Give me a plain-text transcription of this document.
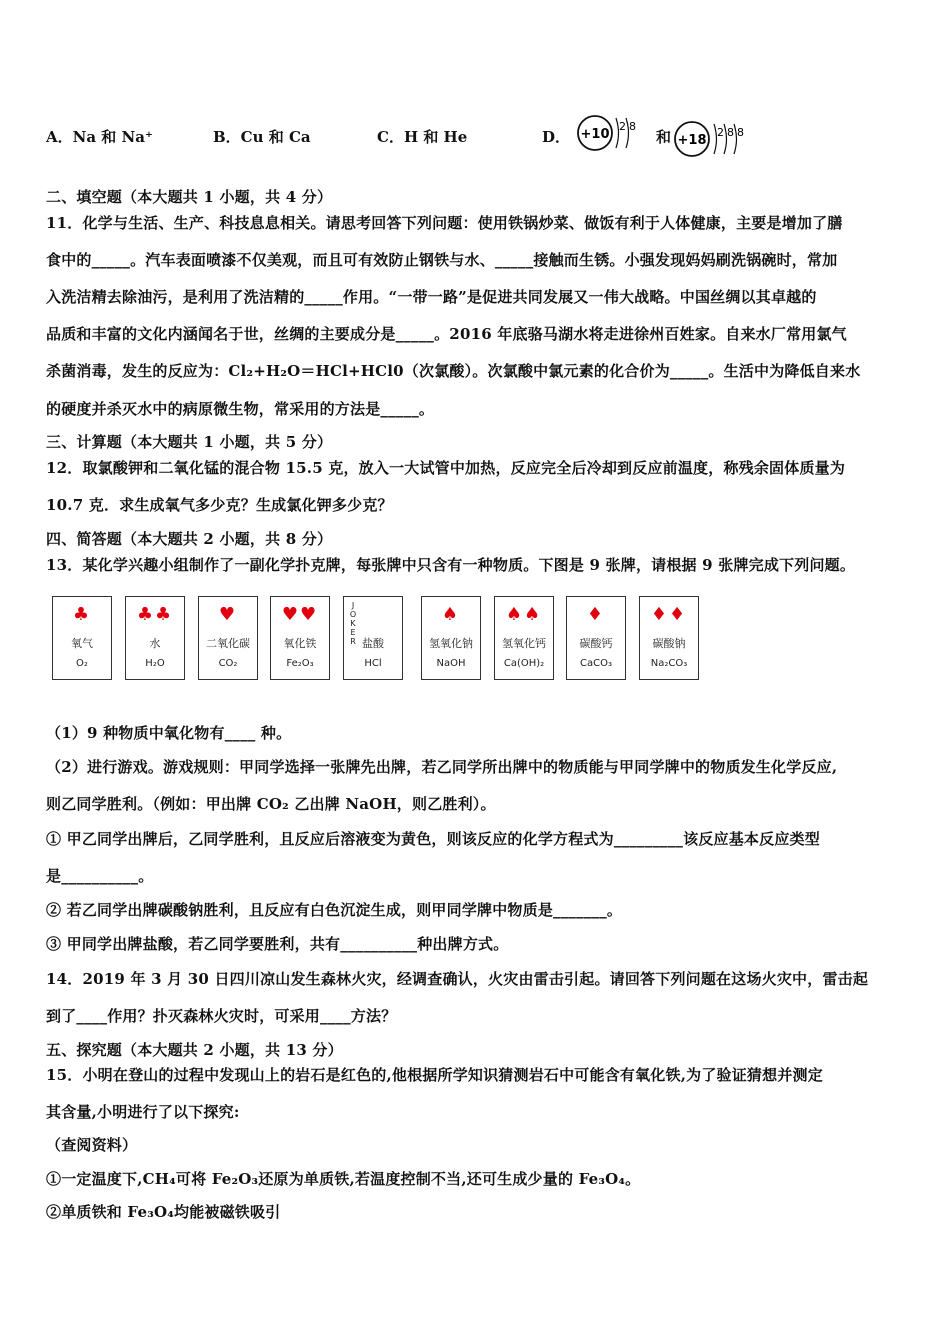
A．Na 和 Na⁺	B．Cu 和 Ca	C．H 和 He	D． +10
2 8
和 +18
2 8 8
二、填空题（本大题共 1 小题，共 4 分）
11．化学与生活、生产、科技息息相关。请思考回答下列问题：使用铁锅炒菜、做饭有利于人体健康，主要是增加了膳
食中的_____。汽车表面喷漆不仅美观，而且可有效防止钢铁与水、_____接触而生锈。小强发现妈妈刷洗锅碗时，常加
入洗洁精去除油污，是利用了洗洁精的_____作用。“一带一路”是促进共同发展又一伟大战略。中国丝绸以其卓越的
品质和丰富的文化内涵闻名于世，丝绸的主要成分是_____。2016 年底骆马湖水将走进徐州百姓家。自来水厂常用氯气
杀菌消毒，发生的反应为：Cl₂+H₂O＝HCl+HCl0（次氯酸）。次氯酸中氯元素的化合价为_____。生活中为降低自来水
的硬度并杀灭水中的病原微生物，常采用的方法是_____。
三、计算题（本大题共 1 小题，共 5 分）
12．取氯酸钾和二氧化锰的混合物 15.5 克，放入一大试管中加热，反应完全后冷却到反应前温度，称残余固体质量为
10.7 克．求生成氧气多少克？生成氯化钾多少克？
四、简答题（本大题共 2 小题，共 8 分）
13．某化学兴趣小组制作了一副化学扑克牌，每张牌中只含有一种物质。下图是 9 张牌，请根据 9 张牌完成下列问题。
♣
氧气
O₂
♣♣
水
H₂O
♥
二氧化碳
CO₂
♥♥
氧化铁
Fe₂O₃
J
O
K
E
R 盐酸
HCl
♠
氢氧化钠
NaOH
♠♠
氢氧化钙
Ca(OH)₂
♦
碳酸钙
CaCO₃
♦♦
碳酸钠
Na₂CO₃
（1）9 种物质中氧化物有____ 种。
（2）进行游戏。游戏规则：甲同学选择一张牌先出牌，若乙同学所出牌中的物质能与甲同学牌中的物质发生化学反应,
则乙同学胜利。（例如：甲出牌 CO₂ 乙出牌 NaOH，则乙胜利）。
① 甲乙同学出牌后，乙同学胜利，且反应后溶液变为黄色，则该反应的化学方程式为_________该反应基本反应类型
是__________。
② 若乙同学出牌碳酸钠胜利，且反应有白色沉淀生成，则甲同学牌中物质是_______。
③ 甲同学出牌盐酸，若乙同学要胜利，共有__________种出牌方式。
14．2019 年 3 月 30 日四川凉山发生森林火灾，经调查确认，火灾由雷击引起。请回答下列问题在这场火灾中，雷击起
到了____作用？扑灭森林火灾时，可采用____方法？
五、探究题（本大题共 2 小题，共 13 分）
15．小明在登山的过程中发现山上的岩石是红色的,他根据所学知识猜测岩石中可能含有氧化铁,为了验证猜想并测定
其含量,小明进行了以下探究:
（查阅资料）
①一定温度下,CH₄可将 Fe₂O₃还原为单质铁,若温度控制不当,还可生成少量的 Fe₃O₄。
②单质铁和 Fe₃O₄均能被磁铁吸引
